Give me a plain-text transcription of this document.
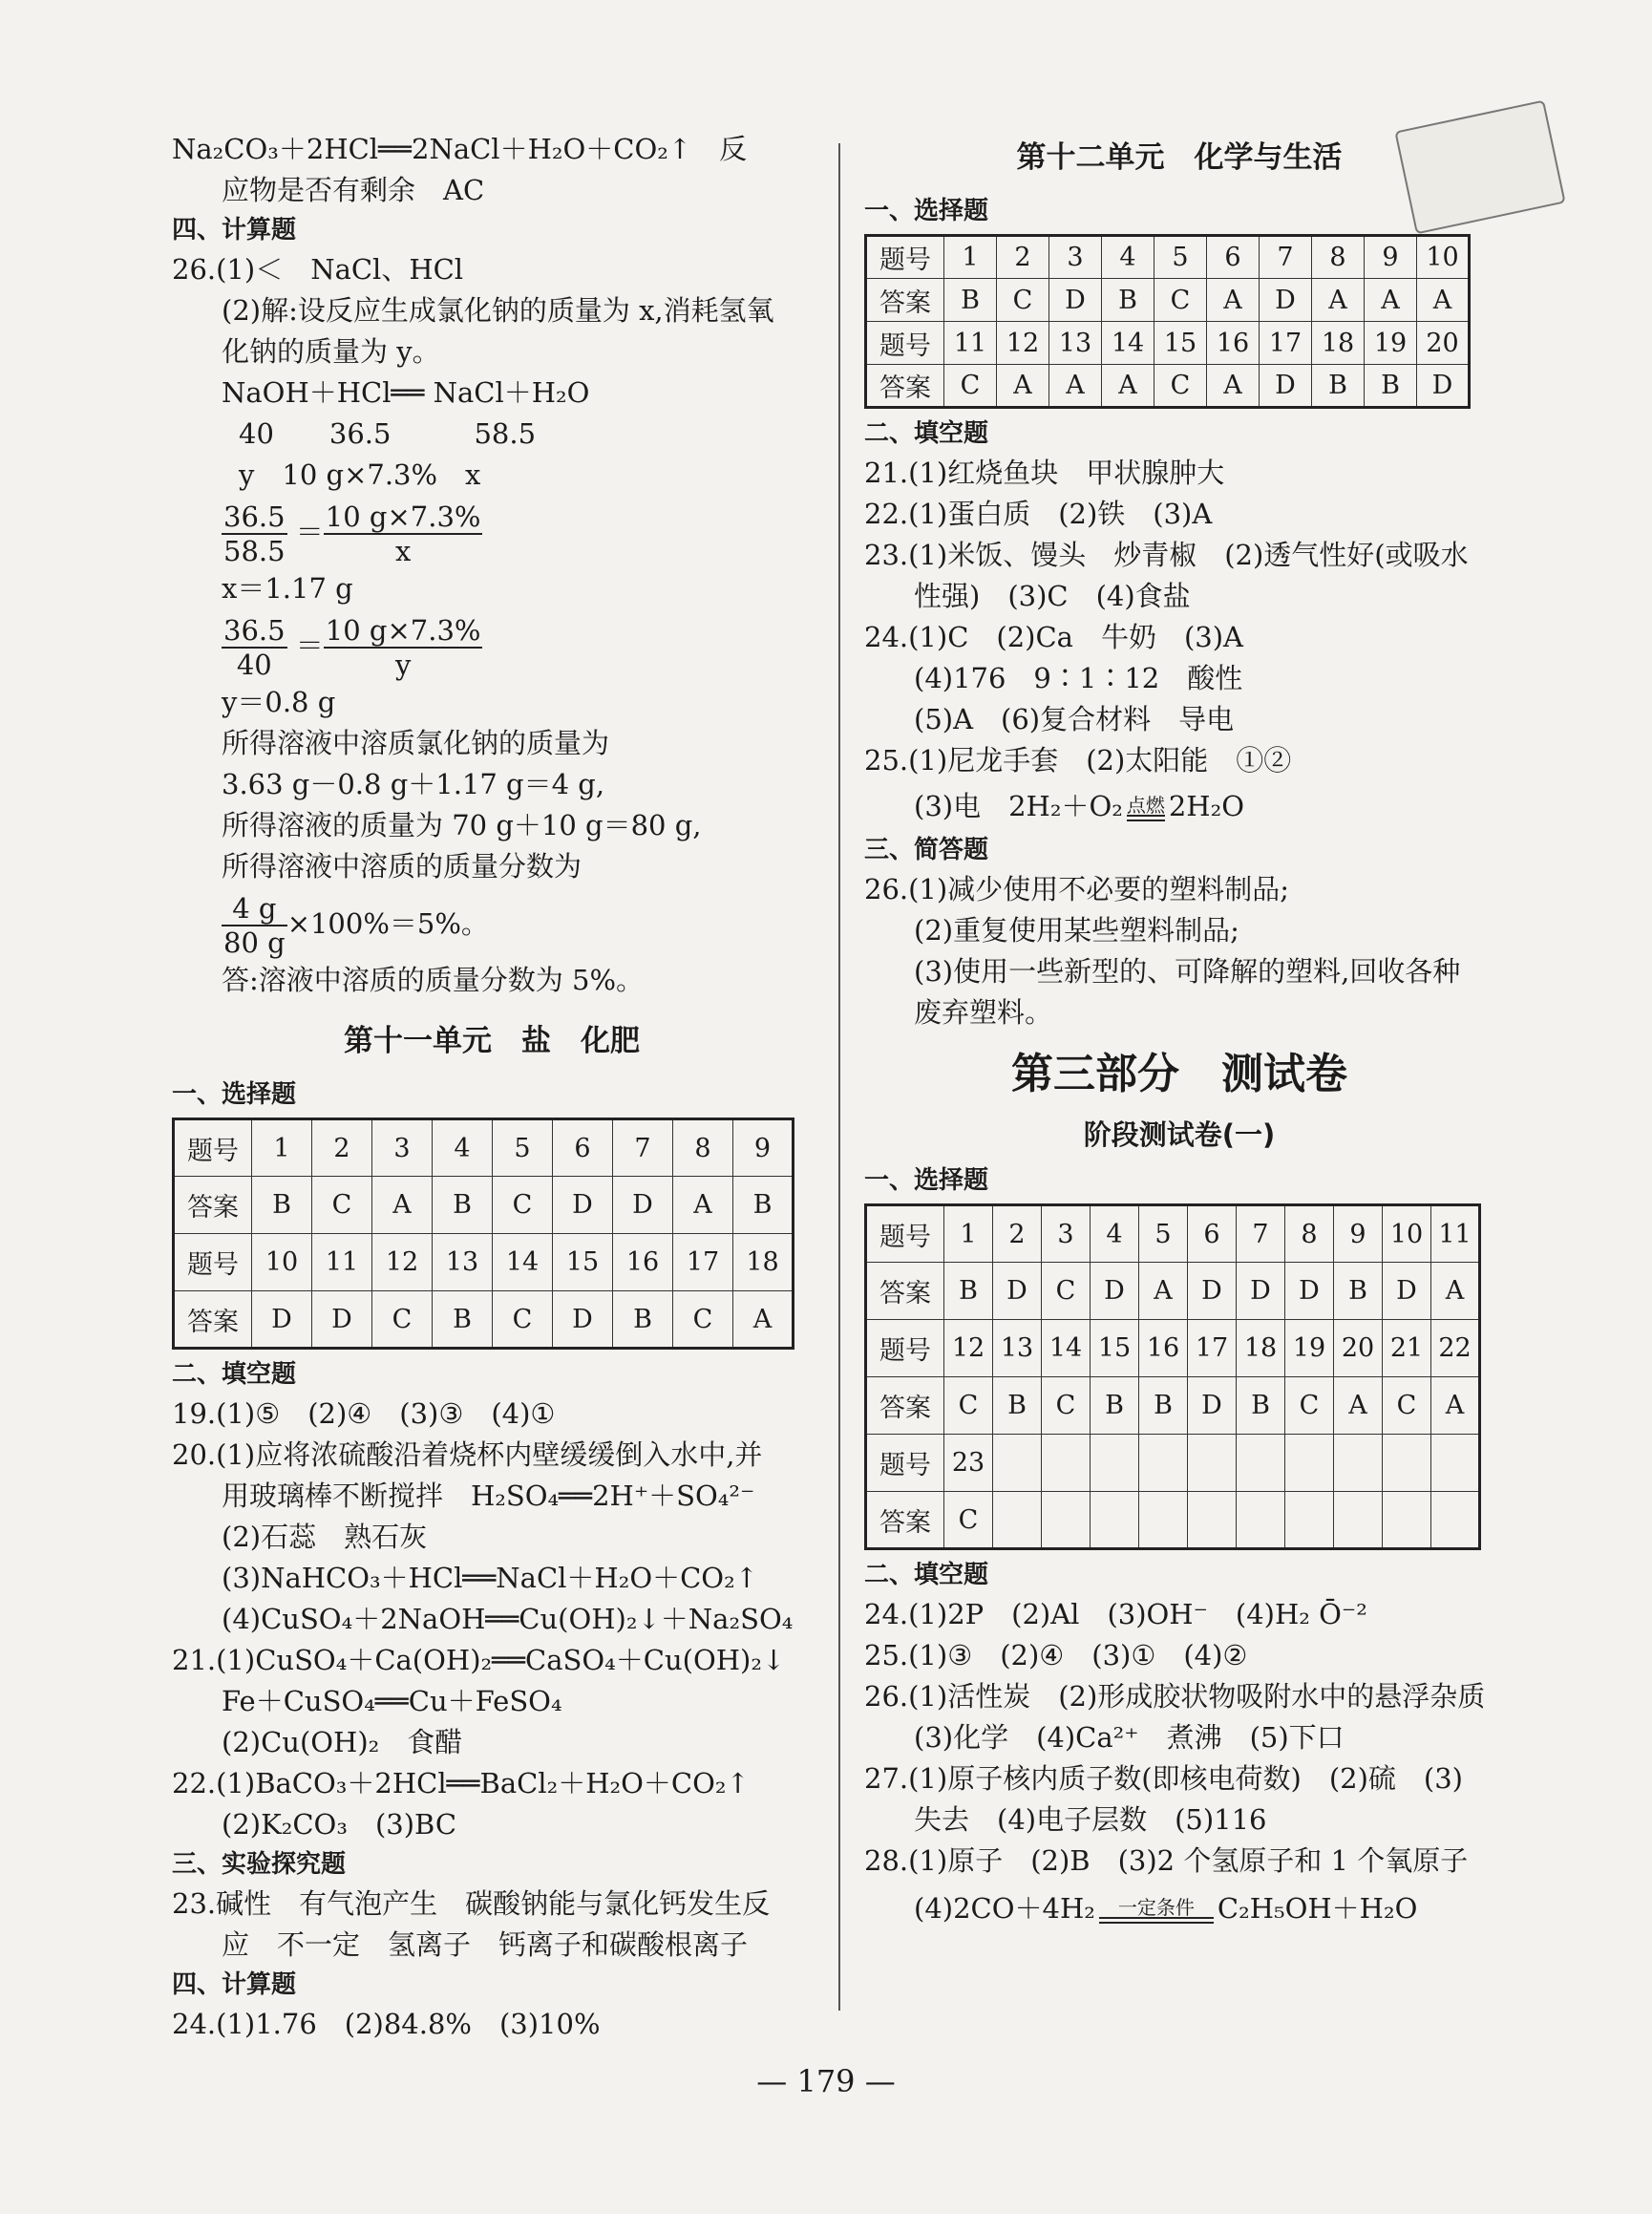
Na₂CO₃＋2HCl══2NaCl＋H₂O＋CO₂↑　反
应物是否有剩余　AC
四、计算题
26.(1)＜　NaCl、HCl
(2)解:设反应生成氯化钠的质量为 x,消耗氢氧
化钠的质量为 y。
NaOH＋HCl══ NaCl＋H₂O
40　　36.5　　　58.5
y　10 g×7.3%　x
$\frac{36.5}{58.5} = \frac{10 g\times 7.3\%}{x}$
x＝1.17 g
$\frac{36.5}{40} = \frac{10 g\times 7.3\%}{y}$
y＝0.8 g
所得溶液中溶质氯化钠的质量为
3.63 g－0.8 g＋1.17 g＝4 g,
所得溶液的质量为 70 g＋10 g＝80 g,
所得溶液中溶质的质量分数为
$\frac{4 g}{80 g} \times 100\%=5\%$。
答:溶液中溶质的质量分数为 5%。
第十一单元　盐　化肥
一、选择题
题号	1	2	3	4	5	6	7	8	9
答案	B	C	A	B	C	D	D	A	B
题号	10	11	12	13	14	15	16	17	18
答案	D	D	C	B	C	D	B	C	A
二、填空题
19.(1)⑤　(2)④　(3)③　(4)①
20.(1)应将浓硫酸沿着烧杯内壁缓缓倒入水中,并
用玻璃棒不断搅拌　H₂SO₄══2H⁺＋SO₄²⁻
(2)石蕊　熟石灰
(3)NaHCO₃＋HCl══NaCl＋H₂O＋CO₂↑
(4)CuSO₄＋2NaOH══Cu(OH)₂↓＋Na₂SO₄
21.(1)CuSO₄＋Ca(OH)₂══CaSO₄＋Cu(OH)₂↓
Fe＋CuSO₄══Cu＋FeSO₄
(2)Cu(OH)₂　食醋
22.(1)BaCO₃＋2HCl══BaCl₂＋H₂O＋CO₂↑
(2)K₂CO₃　(3)BC
三、实验探究题
23.碱性　有气泡产生　碳酸钠能与氯化钙发生反
应　不一定　氢离子　钙离子和碳酸根离子
四、计算题
24.(1)1.76　(2)84.8%　(3)10%
第十二单元　化学与生活
一、选择题
题号	1	2	3	4	5	6	7	8	9	10
答案	B	C	D	B	C	A	D	A	A	A
题号	11	12	13	14	15	16	17	18	19	20
答案	C	A	A	A	C	A	D	B	B	D
二、填空题
21.(1)红烧鱼块　甲状腺肿大
22.(1)蛋白质　(2)铁　(3)A
23.(1)米饭、馒头　炒青椒　(2)透气性好(或吸水
性强)　(3)C　(4)食盐
24.(1)C　(2)Ca　牛奶　(3)A
(4)176　9∶1∶12　酸性
(5)A　(6)复合材料　导电
25.(1)尼龙手套　(2)太阳能　①②
(3)电　2H₂＋O₂ 点燃 2H₂O
三、简答题
26.(1)减少使用不必要的塑料制品;
(2)重复使用某些塑料制品;
(3)使用一些新型的、可降解的塑料,回收各种
废弃塑料。
第三部分　测试卷
阶段测试卷(一)
一、选择题
题号	1	2	3	4	5	6	7	8	9	10	11
答案	B	D	C	D	A	D	D	D	B	D	A
题号	12	13	14	15	16	17	18	19	20	21	22
答案	C	B	C	B	B	D	B	C	A	C	A
题号	23										
答案	C										
二、填空题
24.(1)2P　(2)Al　(3)OH⁻　(4)H₂ Ō⁻²
25.(1)③　(2)④　(3)①　(4)②
26.(1)活性炭　(2)形成胶状物吸附水中的悬浮杂质
(3)化学　(4)Ca²⁺　煮沸　(5)下口
27.(1)原子核内质子数(即核电荷数)　(2)硫　(3)
失去　(4)电子层数　(5)116
28.(1)原子　(2)B　(3)2 个氢原子和 1 个氧原子
(4)2CO＋4H₂	一定条件 C₂H₅OH＋H₂O
— 179 —
